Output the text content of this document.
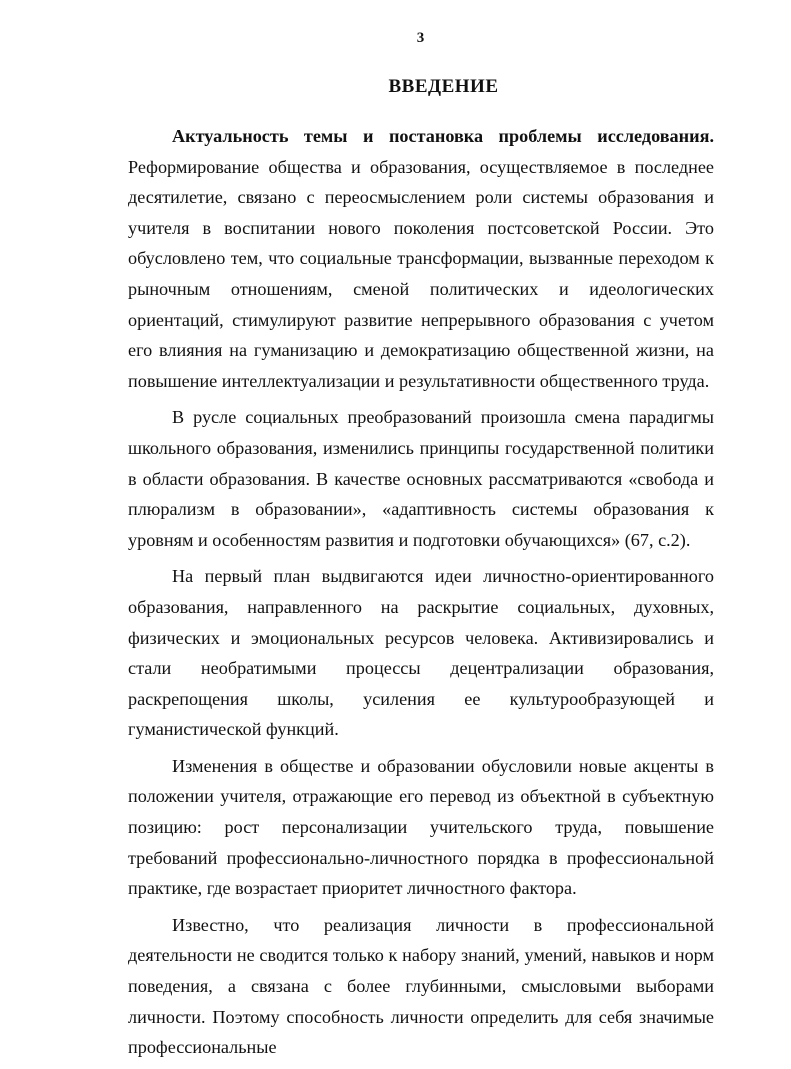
3
ВВЕДЕНИЕ

Актуальность темы и постановка проблемы исследования. Реформирование общества и образования, осуществляемое в последнее десятилетие, связано с переосмыслением роли системы образования и учителя в воспитании нового поколения постсоветской России. Это обусловлено тем, что социальные трансформации, вызванные переходом к рыночным отношениям, сменой политических и идеологических ориентаций, стимулируют развитие непрерывного образования с учетом его влияния на гуманизацию и демократизацию общественной жизни, на повышение интеллектуализации и результативности общественного труда.

В русле социальных преобразований произошла смена парадигмы школьного образования, изменились принципы государственной политики в области образования. В качестве основных рассматриваются «свобода и плюрализм в образовании», «адаптивность системы образования к уровням и особенностям развития и подготовки обучающихся» (67, с.2).

На первый план выдвигаются идеи личностно-ориентированного образования, направленного на раскрытие социальных, духовных, физических и эмоциональных ресурсов человека. Активизировались и стали необратимыми процессы децентрализации образования, раскрепощения школы, усиления ее культурообразующей и гуманистической функций.

Изменения в обществе и образовании обусловили новые акценты в положении учителя, отражающие его перевод из объектной в субъектную позицию: рост персонализации учительского труда, повышение требований профессионально-личностного порядка в профессиональной практике, где возрастает приоритет личностного фактора.

Известно, что реализация личности в профессиональной деятельности не сводится только к набору знаний, умений, навыков и норм поведения, а связана с более глубинными, смысловыми выборами личности. Поэтому способность личности определить для себя значимые профессиональные
